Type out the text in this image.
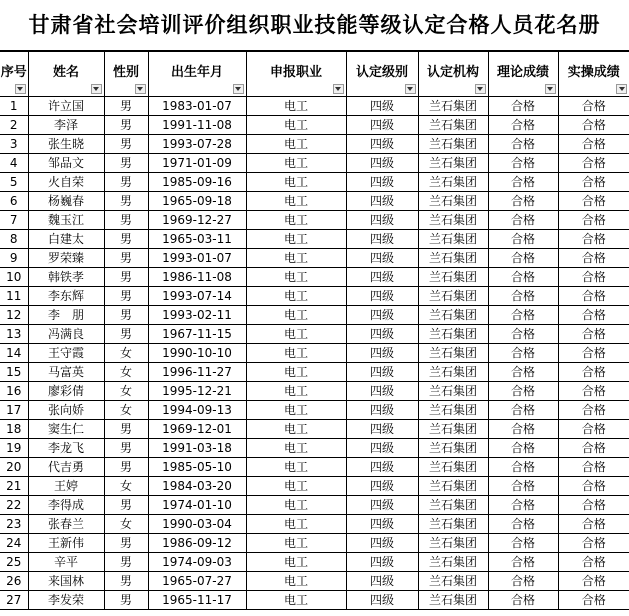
甘肃省社会培训评价组织职业技能等级认定合格人员花名册
序号	姓名	性别	出生年月	申报职业	认定级别	认定机构	理论成绩	实操成绩

1	许立国	男	1983-01-07	电工	四级	兰石集团	合格	合格
2	李泽	男	1991-11-08	电工	四级	兰石集团	合格	合格
3	张生晓	男	1993-07-28	电工	四级	兰石集团	合格	合格
4	邹品文	男	1971-01-09	电工	四级	兰石集团	合格	合格
5	火自荣	男	1985-09-16	电工	四级	兰石集团	合格	合格
6	杨巍春	男	1965-09-18	电工	四级	兰石集团	合格	合格
7	魏玉江	男	1969-12-27	电工	四级	兰石集团	合格	合格
8	白建太	男	1965-03-11	电工	四级	兰石集团	合格	合格
9	罗荣臻	男	1993-01-07	电工	四级	兰石集团	合格	合格
10	韩铁孝	男	1986-11-08	电工	四级	兰石集团	合格	合格
11	李东辉	男	1993-07-14	电工	四级	兰石集团	合格	合格
12	李　朋	男	1993-02-11	电工	四级	兰石集团	合格	合格
13	冯满良	男	1967-11-15	电工	四级	兰石集团	合格	合格
14	王守霞	女	1990-10-10	电工	四级	兰石集团	合格	合格
15	马富英	女	1996-11-27	电工	四级	兰石集团	合格	合格
16	廖彩倩	女	1995-12-21	电工	四级	兰石集团	合格	合格
17	张向娇	女	1994-09-13	电工	四级	兰石集团	合格	合格
18	窦生仁	男	1969-12-01	电工	四级	兰石集团	合格	合格
19	李龙飞	男	1991-03-18	电工	四级	兰石集团	合格	合格
20	代吉勇	男	1985-05-10	电工	四级	兰石集团	合格	合格
21	王婷	女	1984-03-20	电工	四级	兰石集团	合格	合格
22	李得成	男	1974-01-10	电工	四级	兰石集团	合格	合格
23	张春兰	女	1990-03-04	电工	四级	兰石集团	合格	合格
24	王新伟	男	1986-09-12	电工	四级	兰石集团	合格	合格
25	辛平	男	1974-09-03	电工	四级	兰石集团	合格	合格
26	来国林	男	1965-07-27	电工	四级	兰石集团	合格	合格
27	李发荣	男	1965-11-17	电工	四级	兰石集团	合格	合格
